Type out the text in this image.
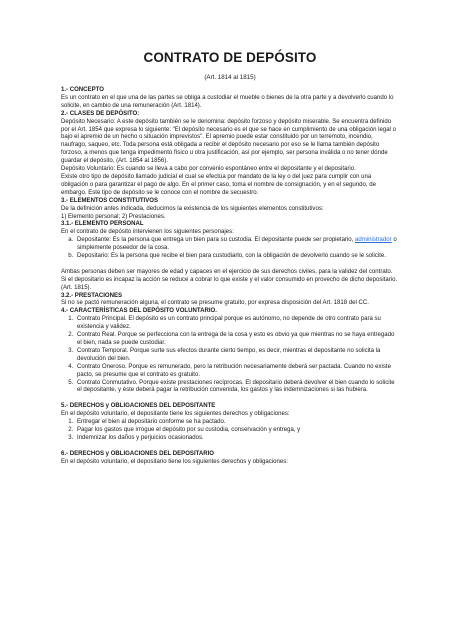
CONTRATO DE DEPÓSITO
(Art. 1814 al 1815)
1.- CONCEPTO

Es un contrato en el que una de las partes se obliga a custodiar el mueble o bienes de la otra parte y a devolverlo cuando lo solicite, en cambio de una remuneración (Art. 1814).

2.- CLASES DE DEPÓSITO:

Depósito Necesario: A este depósito también se le denomina: depósito forzoso y depósito miserable. Se encuentra definido por el Art. 1854 que expresa lo siguiente: "El depósito necesario es el que se hace en cumplimiento de una obligación legal o bajo el apremio de un hecho o situación imprevistos". El apremio puede estar constituido por un terremoto, incendio, naufrago, saqueo, etc. Toda persona está obligada a recibir el depósito necesario por eso se le llama también depósito forzoso, a menos que tenga impedimento físico u otra justificación, así por ejemplo, ser persona inválida o no tener dónde guardar el depósito, (Art. 1854 al 1856).

Depósito Voluntario: Es cuando se lleva a cabo por convenio espontáneo entre el depositante y el depositario.

Existe otro tipo de depósito llamado judicial el cual se efectúa por mandato de la ley o del juez para cumplir con una obligación o para garantizar el pago de algo. En el primer caso, toma el nombre de consignación, y en el segundo, de embargo. Este tipo de depósito se le conoce con el nombre de secuestro.

3.- ELEMENTOS CONSTITUTIVOS

De la definición antes indicada, deducimos la existencia de los siguientes elementos constitutivos:

1) Elemento personal; 2) Prestaciones.

3.1.- ELEMENTO PERSONAL

En el contrato de depósito intervienen los siguientes personajes:

a. Depositante: Es la persona que entrega un bien para su custodia. El depositante puede ser propietario, administrador o simplemente poseedor de la cosa.
b. Depositario: Es la persona que recibe el bien para custodiarlo, con la obligación de devolverlo cuando se le solicite.

Ambas personas deben ser mayores de edad y capaces en el ejercicio de sus derechos civiles, para la validez del contrato. Si el depositario es incapaz la acción se reduce a cobrar lo que existe y el valor consumido en provecho de dicho depositario. (Art. 1815).

3.2.- PRESTACIONES

Si no se pactó remuneración alguna, el contrato se presume gratuito, por expresa disposición del Art. 1818 del CC.

4.- CARACTERÍSTICAS DEL DEPÓSITO VOLUNTARIO.
1. Contrato Principal. El depósito es un contrato principal porque es autónomo, no depende de otro contrato para su existencia y validez.
2. Contrato Real. Porque se perfecciona con la entrega de la cosa y esto es obvio ya que mientras no se haya entregado el bien, nada se puede custodiar.
3. Contrato Temporal. Porque surte sus efectos durante cierto tiempo, es decir, mientras el depositante no solicita la devolución del bien.
4. Contrato Oneroso. Porque es remunerado, pero la retribución necesariamente deberá ser pactada. Cuando no existe pacto, se presume que el contrato es gratuito.
5. Contrato Conmutativo. Porque existe prestaciones recíprocas. El depositario deberá devolver el bien cuando lo solicite el depositante, y éste deberá pagar la retribución convenida, los gastos y las indemnizaciones si las hubiera.
5.- DERECHOS y OBLIGACIONES DEL DEPOSITANTE

En el depósito voluntario, el depositante tiene los siguientes derechos y obligaciones:

1. Entregar el bien al depositario conforme se ha pactado.
2. Pagar los gastos que irrogue el depósito por su custodia, conservación y entrega, y
3. Indemnizar los daños y perjuicios ocasionados.
6.- DERECHOS y OBLIGACIONES DEL DEPOSITARIO

En el depósito voluntario, el depositario tiene los siguientes derechos y obligaciones:
